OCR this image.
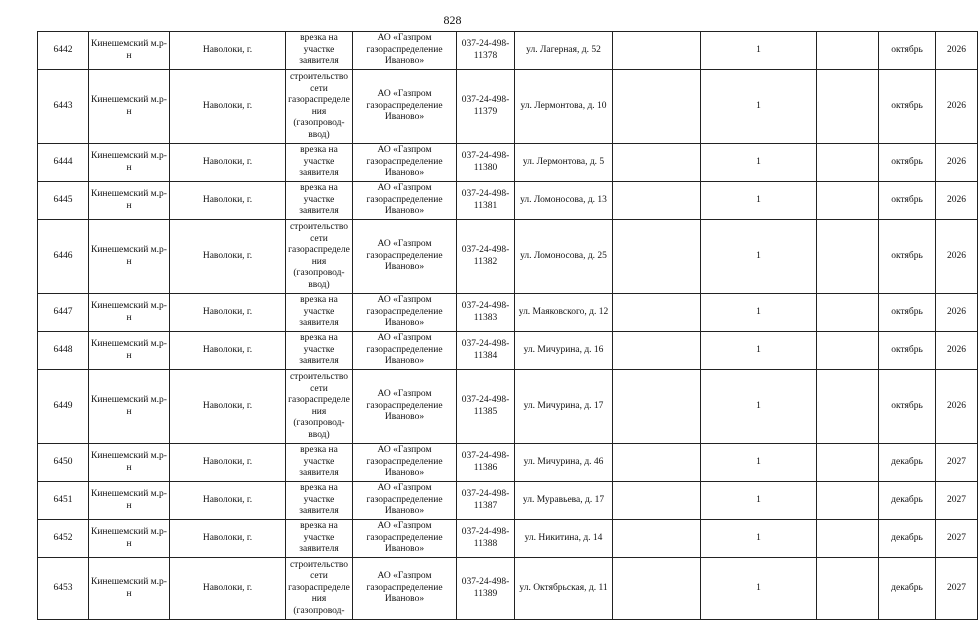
828
6442	Кинешемский м.р-н	Наволоки, г.	врезка на участке заявителя	АО «Газпром газораспределение Иваново»	037-24-498-11378	ул. Лагерная, д. 52		1		октябрь	2026
6443	Кинешемский м.р-н	Наволоки, г.	строительство сети газораспределения (газопровод-ввод)	АО «Газпром газораспределение Иваново»	037-24-498-11379	ул. Лермонтова, д. 10		1		октябрь	2026
6444	Кинешемский м.р-н	Наволоки, г.	врезка на участке заявителя	АО «Газпром газораспределение Иваново»	037-24-498-11380	ул. Лермонтова, д. 5		1		октябрь	2026
6445	Кинешемский м.р-н	Наволоки, г.	врезка на участке заявителя	АО «Газпром газораспределение Иваново»	037-24-498-11381	ул. Ломоносова, д. 13		1		октябрь	2026
6446	Кинешемский м.р-н	Наволоки, г.	строительство сети газораспределения (газопровод-ввод)	АО «Газпром газораспределение Иваново»	037-24-498-11382	ул. Ломоносова, д. 25		1		октябрь	2026
6447	Кинешемский м.р-н	Наволоки, г.	врезка на участке заявителя	АО «Газпром газораспределение Иваново»	037-24-498-11383	ул. Маяковского, д. 12		1		октябрь	2026
6448	Кинешемский м.р-н	Наволоки, г.	врезка на участке заявителя	АО «Газпром газораспределение Иваново»	037-24-498-11384	ул. Мичурина, д. 16		1		октябрь	2026
6449	Кинешемский м.р-н	Наволоки, г.	строительство сети газораспределения (газопровод-ввод)	АО «Газпром газораспределение Иваново»	037-24-498-11385	ул. Мичурина, д. 17		1		октябрь	2026
6450	Кинешемский м.р-н	Наволоки, г.	врезка на участке заявителя	АО «Газпром газораспределение Иваново»	037-24-498-11386	ул. Мичурина, д. 46		1		декабрь	2027
6451	Кинешемский м.р-н	Наволоки, г.	врезка на участке заявителя	АО «Газпром газораспределение Иваново»	037-24-498-11387	ул. Муравьева, д. 17		1		декабрь	2027
6452	Кинешемский м.р-н	Наволоки, г.	врезка на участке заявителя	АО «Газпром газораспределение Иваново»	037-24-498-11388	ул. Никитина, д. 14		1		декабрь	2027
6453	Кинешемский м.р-н	Наволоки, г.	строительство сети газораспределения (газопровод-	АО «Газпром газораспределение Иваново»	037-24-498-11389	ул. Октябрьская, д. 11		1		декабрь	2027
